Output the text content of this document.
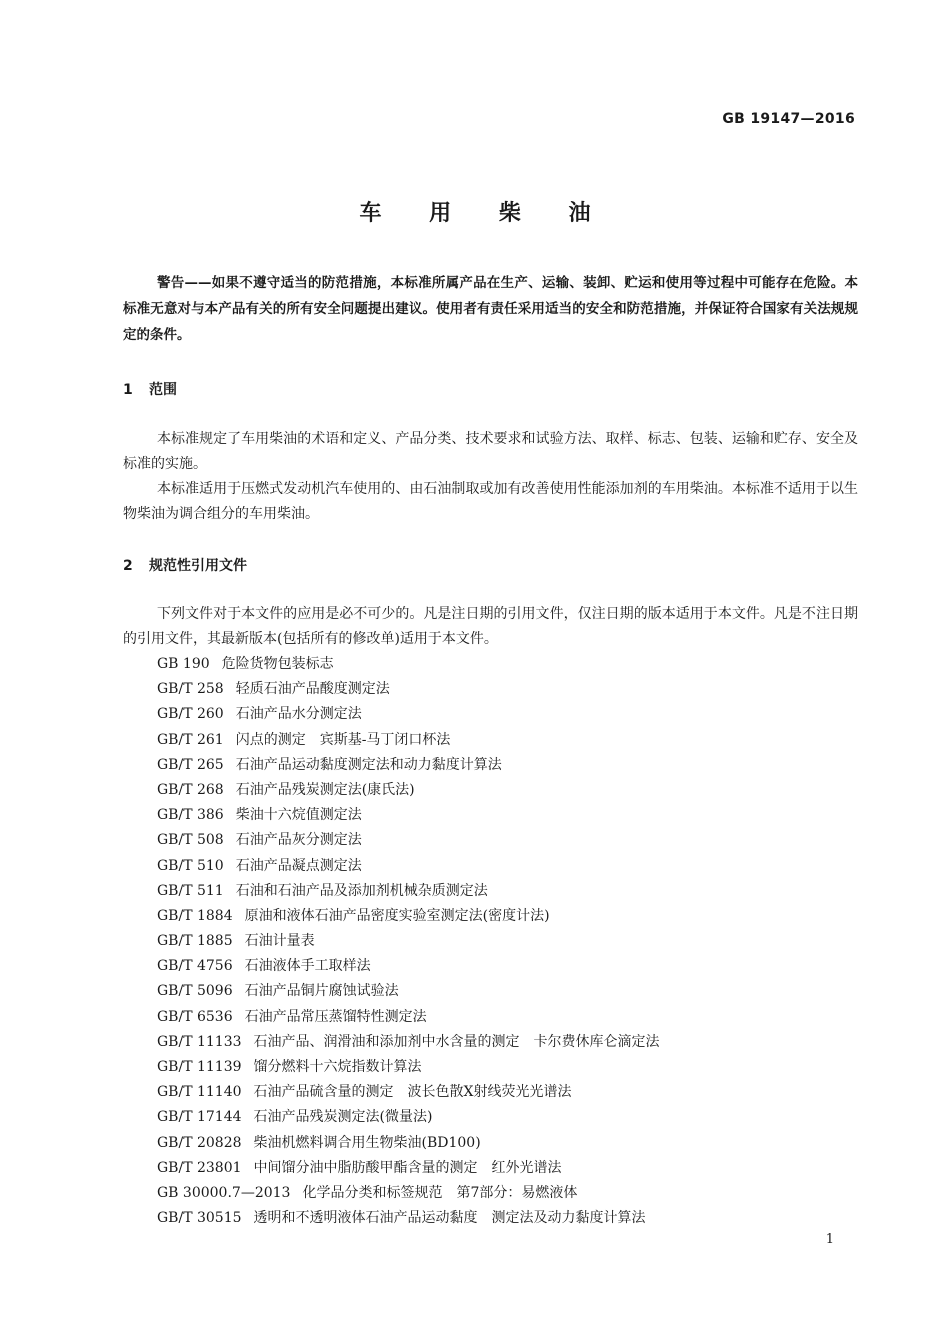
GB 19147—2016
车 用 柴 油
警告——如果不遵守适当的防范措施，本标准所属产品在生产、运输、装卸、贮运和使用等过程中可能存在危险。本标准无意对与本产品有关的所有安全问题提出建议。使用者有责任采用适当的安全和防范措施，并保证符合国家有关法规规定的条件。
1 范围
本标准规定了车用柴油的术语和定义、产品分类、技术要求和试验方法、取样、标志、包装、运输和贮存、安全及标准的实施。
本标准适用于压燃式发动机汽车使用的、由石油制取或加有改善使用性能添加剂的车用柴油。本标准不适用于以生物柴油为调合组分的车用柴油。
2 规范性引用文件
下列文件对于本文件的应用是必不可少的。凡是注日期的引用文件，仅注日期的版本适用于本文件。凡是不注日期的引用文件，其最新版本(包括所有的修改单)适用于本文件。
GB 190 危险货物包装标志
GB/T 258 轻质石油产品酸度测定法
GB/T 260 石油产品水分测定法
GB/T 261 闪点的测定　宾斯基-马丁闭口杯法
GB/T 265 石油产品运动黏度测定法和动力黏度计算法
GB/T 268 石油产品残炭测定法(康氏法)
GB/T 386 柴油十六烷值测定法
GB/T 508 石油产品灰分测定法
GB/T 510 石油产品凝点测定法
GB/T 511 石油和石油产品及添加剂机械杂质测定法
GB/T 1884 原油和液体石油产品密度实验室测定法(密度计法)
GB/T 1885 石油计量表
GB/T 4756 石油液体手工取样法
GB/T 5096 石油产品铜片腐蚀试验法
GB/T 6536 石油产品常压蒸馏特性测定法
GB/T 11133 石油产品、润滑油和添加剂中水含量的测定　卡尔费休库仑滴定法
GB/T 11139 馏分燃料十六烷指数计算法
GB/T 11140 石油产品硫含量的测定　波长色散X射线荧光光谱法
GB/T 17144 石油产品残炭测定法(微量法)
GB/T 20828 柴油机燃料调合用生物柴油(BD100)
GB/T 23801 中间馏分油中脂肪酸甲酯含量的测定　红外光谱法
GB 30000.7—2013 化学品分类和标签规范　第7部分：易燃液体
GB/T 30515 透明和不透明液体石油产品运动黏度　测定法及动力黏度计算法
1
